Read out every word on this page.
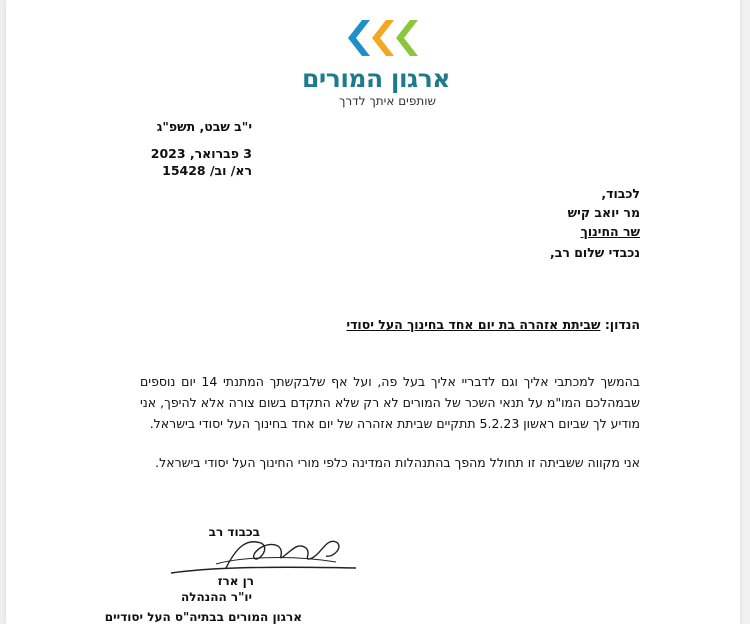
ארגון המורים
שותפים איתך לדרך
י"ב שבט, תשפ"ג
3 פברואר, 2023
רא/ וב/ 15428
לכבוד,
מר יואב קיש
שר החינוך
נכבדי שלום רב,
הנדון: שביתת אזהרה בת יום אחד בחינוך העל יסודי
בהמשך למכתבי אליך וגם לדבריי אליך בעל פה, ועל אף שלבקשתך המתנתי 14 יום נוספים שבמהלכם המו"מ על תנאי השכר של המורים לא רק שלא התקדם בשום צורה אלא להיפך, אני מודיע לך שביום ראשון 5.2.23 תתקיים שביתת אזהרה של יום אחד בחינוך העל יסודי בישראל.
אני מקווה ששביתה זו תחולל מהפך בהתנהלות המדינה כלפי מורי החינוך העל יסודי בישראל.
בכבוד רב
רן ארז
יו"ר ההנהלה
ארגון המורים בבתיה"ס העל יסודיים
